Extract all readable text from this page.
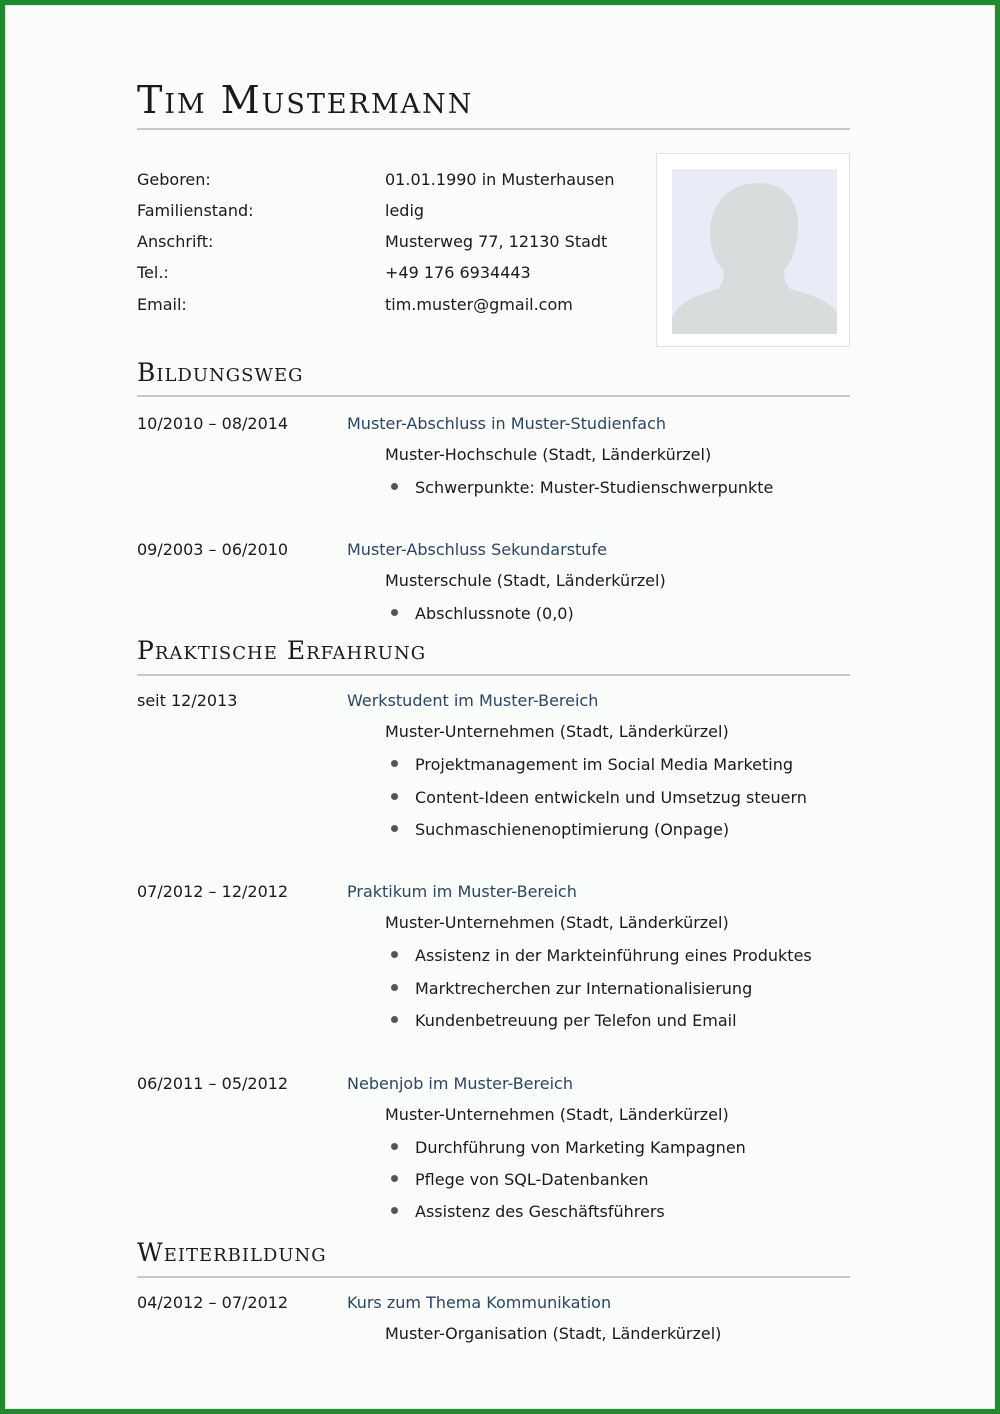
Tim Mustermann
Geboren:	01.01.1990 in Musterhausen
Familienstand:	ledig
Anschrift:	Musterweg 77, 12130 Stadt
Tel.:	+49 176 6934443
Email:	tim.muster@gmail.com
Bildungsweg
10/2010 – 08/2014	Muster-Abschluss in Muster-Studienfach
Muster-Hochschule (Stadt, Länderkürzel)
Schwerpunkte: Muster-Studienschwerpunkte
09/2003 – 06/2010	Muster-Abschluss Sekundarstufe
Musterschule (Stadt, Länderkürzel)
Abschlussnote (0,0)
Praktische Erfahrung
seit 12/2013	Werkstudent im Muster-Bereich
Muster-Unternehmen (Stadt, Länderkürzel)
Projektmanagement im Social Media Marketing
Content-Ideen entwickeln und Umsetzug steuern
Suchmaschienenoptimierung (Onpage)
07/2012 – 12/2012	Praktikum im Muster-Bereich
Muster-Unternehmen (Stadt, Länderkürzel)
Assistenz in der Markteinführung eines Produktes
Marktrecherchen zur Internationalisierung
Kundenbetreuung per Telefon und Email
06/2011 – 05/2012	Nebenjob im Muster-Bereich
Muster-Unternehmen (Stadt, Länderkürzel)
Durchführung von Marketing Kampagnen
Pflege von SQL-Datenbanken
Assistenz des Geschäftsführers
Weiterbildung
04/2012 – 07/2012	Kurs zum Thema Kommunikation
Muster-Organisation (Stadt, Länderkürzel)
